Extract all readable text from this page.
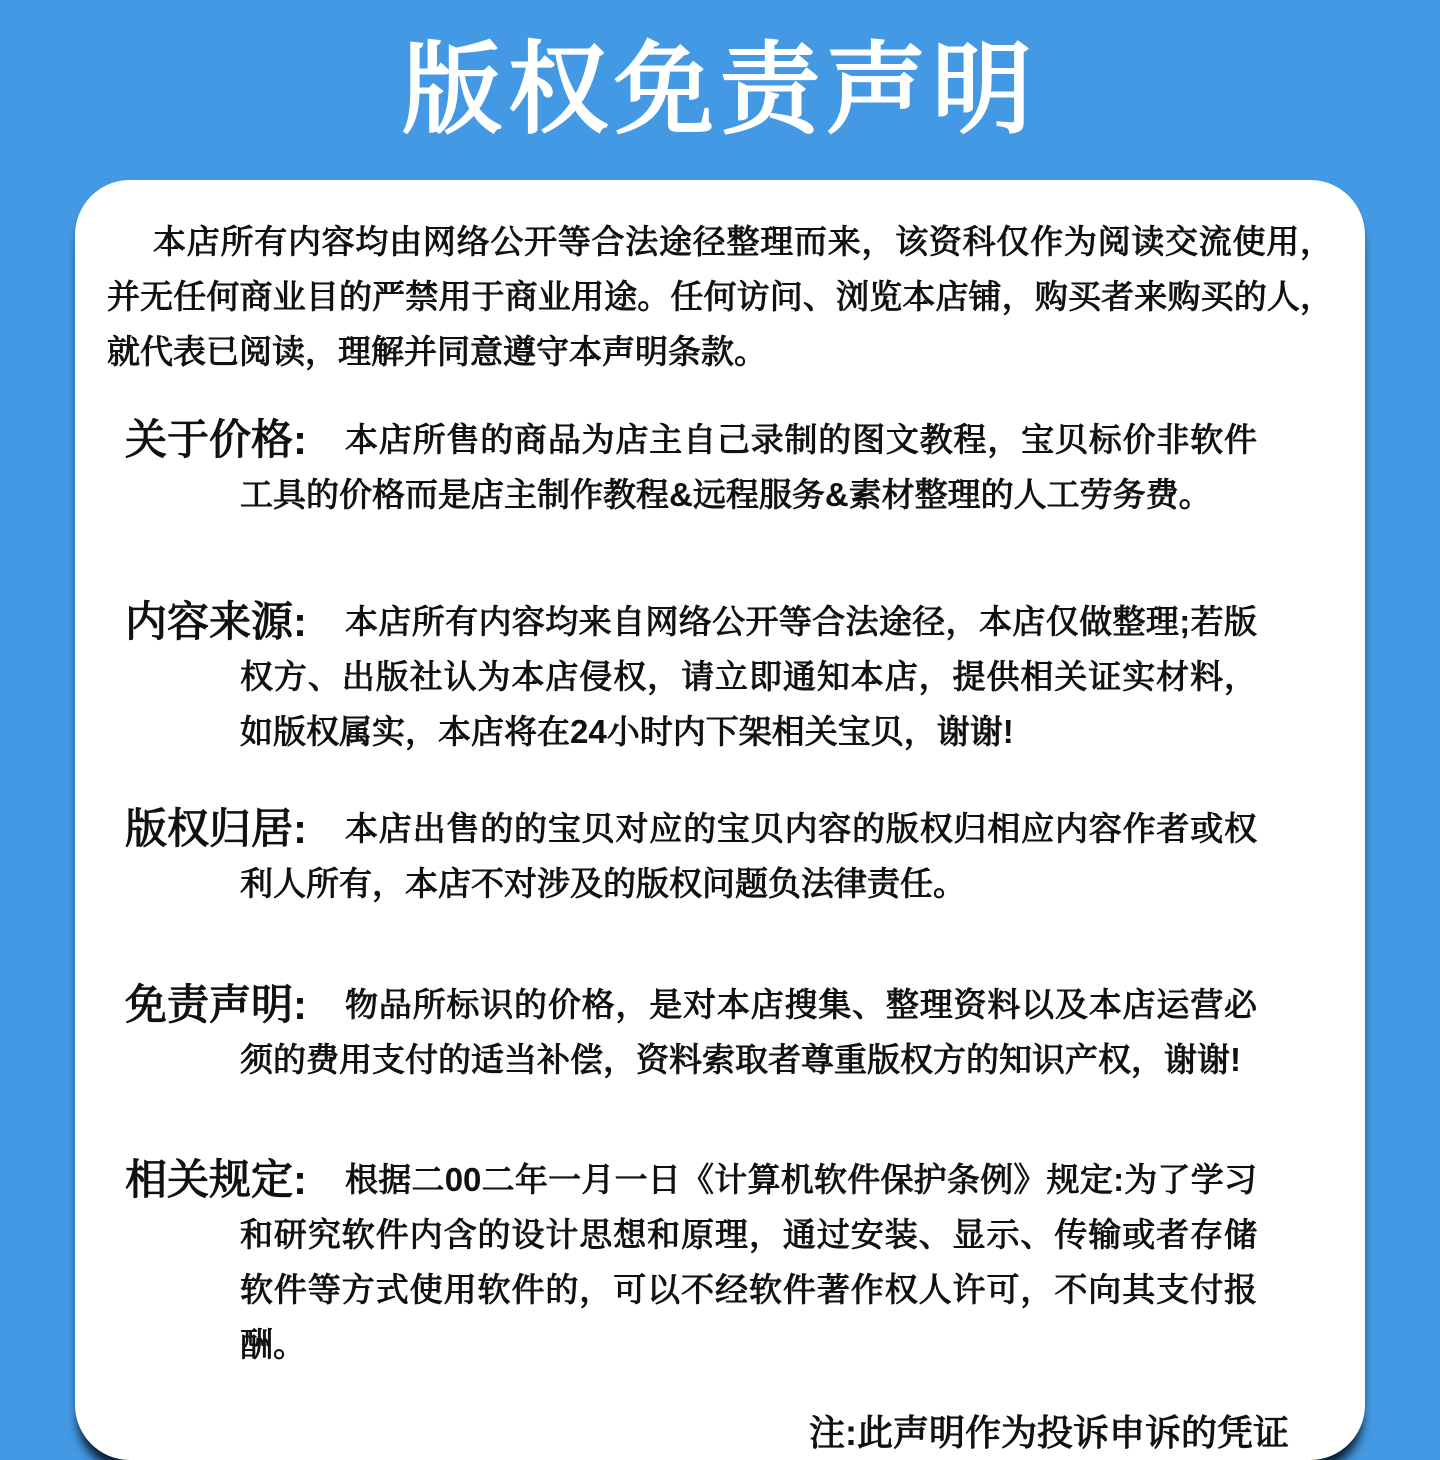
版权免责声明

本店所有内容均由网络公开等合法途径整理而来，该资科仅作为阅读交流使用，并无任何商业目的严禁用于商业用途。任何访问、浏览本店铺，购买者来购买的人，就代表已阅读，理解并同意遵守本声明条款。

关于价格:	本店所售的商品为店主自己录制的图文教程，宝贝标价非软件工具的价格而是店主制作教程&远程服务&素材整理的人工劳务费。

内容来源:	本店所有内容均来自网络公开等合法途径，本店仅做整理;若版权方、出版社认为本店侵权，请立即通知本店，提供相关证实材料，如版权属实，本店将在24小时内下架相关宝贝，谢谢!

版权归居:	本店出售的的宝贝对应的宝贝内容的版权归相应内容作者或权利人所有，本店不对涉及的版权问题负法律责任。

免责声明:	物品所标识的价格，是对本店搜集、整理资料以及本店运营必须的费用支付的适当补偿，资料索取者尊重版权方的知识产权，谢谢!

相关规定:	根据二00二年一月一日《计算机软件保护条例》规定:为了学习和研究软件内含的设计思想和原理，通过安装、显示、传输或者存储软件等方式使用软件的，可以不经软件著作权人许可，不向其支付报酬。

注:此声明作为投诉申诉的凭证
